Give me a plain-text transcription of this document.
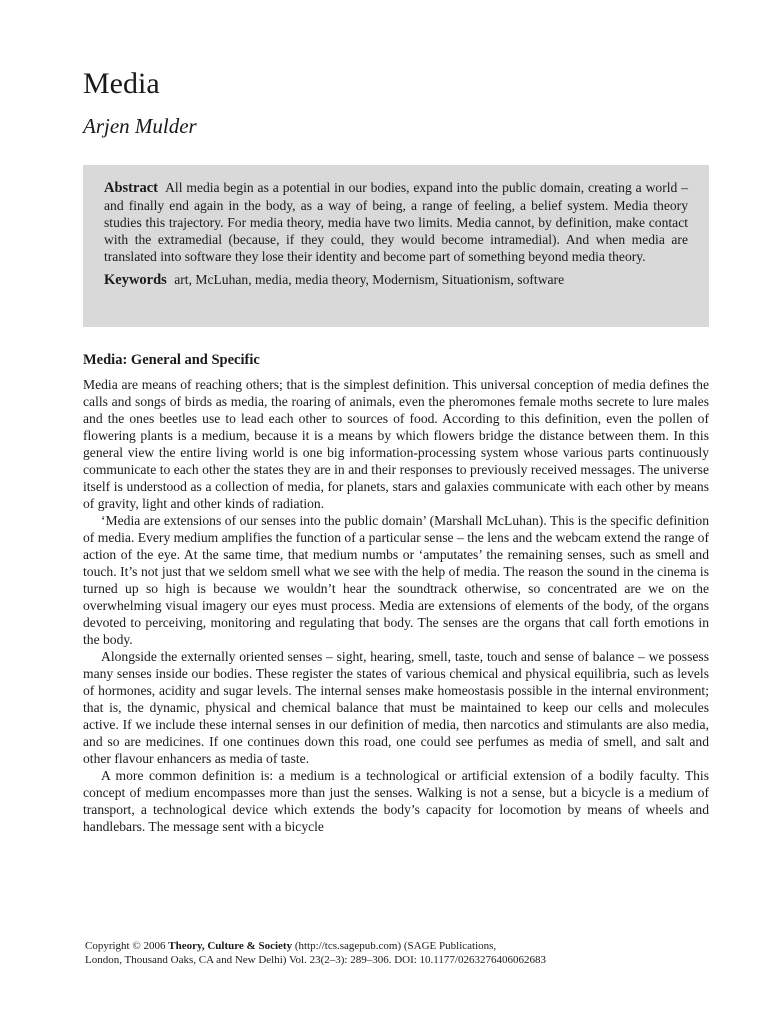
Media
Arjen Mulder

Abstract All media begin as a potential in our bodies, expand into the public domain, creating a world – and finally end again in the body, as a way of being, a range of feeling, a belief system. Media theory studies this trajectory. For media theory, media have two limits. Media cannot, by definition, make contact with the extramedial (because, if they could, they would become intramedial). And when media are translated into software they lose their identity and become part of something beyond media theory.

Keywords art, McLuhan, media, media theory, Modernism, Situationism, software
Media: General and Specific

Media are means of reaching others; that is the simplest definition. This universal conception of media defines the calls and songs of birds as media, the roaring of animals, even the pheromones female moths secrete to lure males and the ones beetles use to lead each other to sources of food. According to this definition, even the pollen of flowering plants is a medium, because it is a means by which flowers bridge the distance between them. In this general view the entire living world is one big information-processing system whose various parts continuously communicate to each other the states they are in and their responses to previously received messages. The universe itself is understood as a collection of media, for planets, stars and galaxies communicate with each other by means of gravity, light and other kinds of radiation.

‘Media are extensions of our senses into the public domain’ (Marshall McLuhan). This is the specific definition of media. Every medium amplifies the function of a particular sense – the lens and the webcam extend the range of action of the eye. At the same time, that medium numbs or ‘amputates’ the remaining senses, such as smell and touch. It’s not just that we seldom smell what we see with the help of media. The reason the sound in the cinema is turned up so high is because we wouldn’t hear the soundtrack otherwise, so concentrated are we on the overwhelming visual imagery our eyes must process. Media are extensions of elements of the body, of the organs devoted to perceiving, monitoring and regulating that body. The senses are the organs that call forth emotions in the body.

Alongside the externally oriented senses – sight, hearing, smell, taste, touch and sense of balance – we possess many senses inside our bodies. These register the states of various chemical and physical equilibria, such as levels of hormones, acidity and sugar levels. The internal senses make homeostasis possible in the internal environment; that is, the dynamic, physical and chemical balance that must be maintained to keep our cells and molecules active. If we include these internal senses in our definition of media, then narcotics and stimulants are also media, and so are medicines. If one continues down this road, one could see perfumes as media of smell, and salt and other flavour enhancers as media of taste.

A more common definition is: a medium is a technological or artificial extension of a bodily faculty. This concept of medium encompasses more than just the senses. Walking is not a sense, but a bicycle is a medium of transport, a technological device which extends the body’s capacity for locomotion by means of wheels and handlebars. The message sent with a bicycle

Copyright © 2006 Theory, Culture & Society (http://tcs.sagepub.com) (SAGE Publications,
London, Thousand Oaks, CA and New Delhi) Vol. 23(2–3): 289–306. DOI: 10.1177/0263276406062683
